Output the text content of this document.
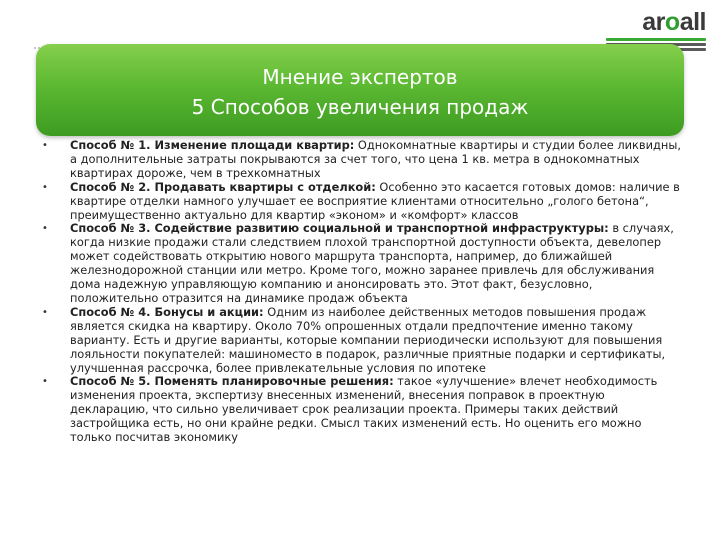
aroall
Мнение экспертов
5 Способов увеличения продаж
• Способ № 1. Изменение площади квартир: Однокомнатные квартиры и студии более ликвидны, а дополнительные затраты покрываются за счет того, что цена 1 кв. метра в однокомнатных квартирах дороже, чем в трехкомнатных
• Способ № 2. Продавать квартиры с отделкой: Особенно это касается готовых домов: наличие в квартире отделки намного улучшает ее восприятие клиентами относительно „голого бетона“, преимущественно актуально для квартир «эконом» и «комфорт» классов
• Способ № 3. Содействие развитию социальной и транспортной инфраструктуры: в случаях, когда низкие продажи стали следствием плохой транспортной доступности объекта, девелопер может содействовать открытию нового маршрута транспорта, например, до ближайшей железнодорожной станции или метро. Кроме того, можно заранее привлечь для обслуживания дома надежную управляющую компанию и анонсировать это. Этот факт, безусловно, положительно отразится на динамике продаж объекта
• Способ № 4. Бонусы и акции: Одним из наиболее действенных методов повышения продаж является скидка на квартиру. Около 70% опрошенных отдали предпочтение именно такому варианту. Есть и другие варианты, которые компании периодически используют для повышения лояльности покупателей: машиноместо в подарок, различные приятные подарки и сертификаты, улучшенная рассрочка, более привлекательные условия по ипотеке
• Способ № 5. Поменять планировочные решения: такое «улучшение» влечет необходимость изменения проекта, экспертизу внесенных изменений, внесения поправок в проектную декларацию, что сильно увеличивает срок реализации проекта. Примеры таких действий застройщика есть, но они крайне редки. Смысл таких изменений есть. Но оценить его можно только посчитав экономику
